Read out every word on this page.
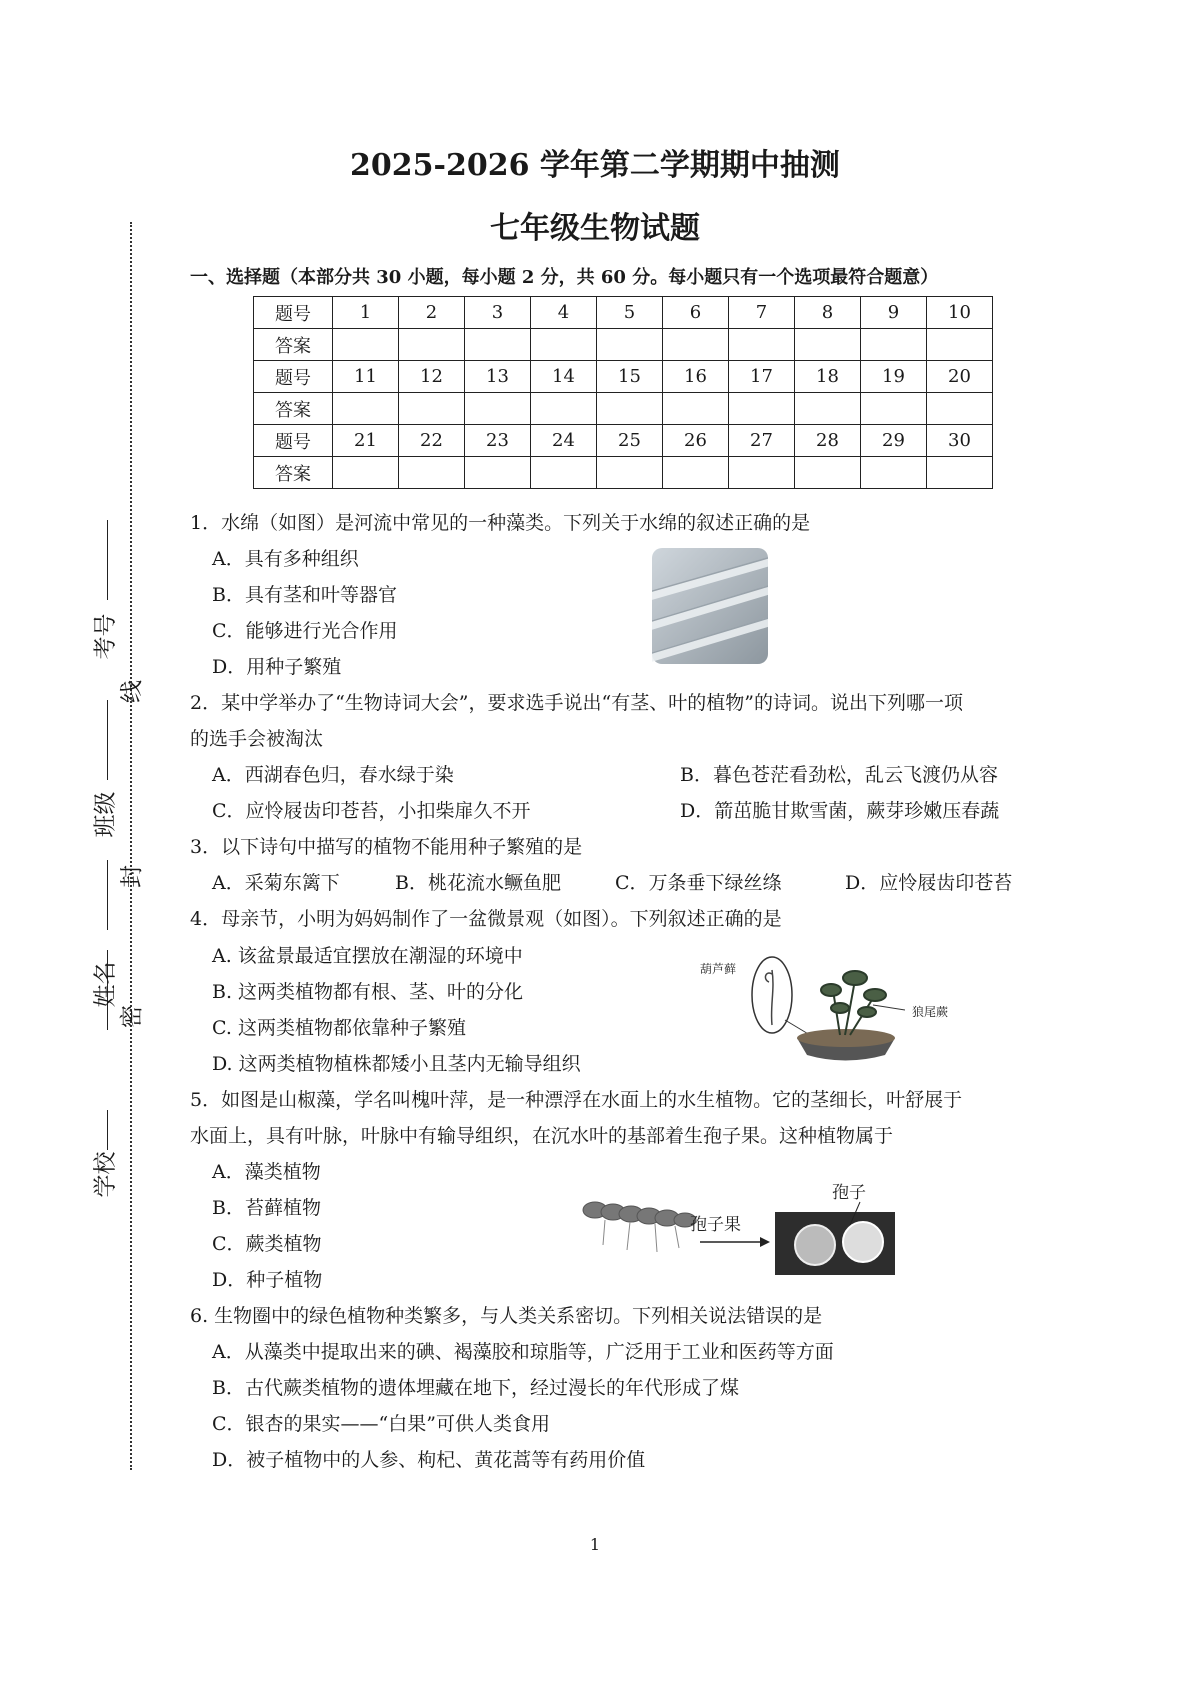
2025-2026 学年第二学期期中抽测
七年级生物试题
考号
班级
姓名
学校
线
封
密
一、选择题（本部分共 30 小题，每小题 2 分，共 60 分。每小题只有一个选项最符合题意）
题号	1	2	3	4	5	6	7	8	9	10
答案										
题号	11	12	13	14	15	16	17	18	19	20
答案										
题号	21	22	23	24	25	26	27	28	29	30
答案										
1．水绵（如图）是河流中常见的一种藻类。下列关于水绵的叙述正确的是
A．具有多种组织
B．具有茎和叶等器官
C．能够进行光合作用
D．用种子繁殖
2．某中学举办了“生物诗词大会”，要求选手说出“有茎、叶的植物”的诗词。说出下列哪一项
的选手会被淘汰
A．西湖春色归，春水绿于染	B．暮色苍茫看劲松，乱云飞渡仍从容
C．应怜屐齿印苍苔，小扣柴扉久不开	D．箭茁脆甘欺雪菌，蕨芽珍嫩压春蔬
3．以下诗句中描写的植物不能用种子繁殖的是
A．采菊东篱下	B．桃花流水鳜鱼肥	C．万条垂下绿丝绦	D．应怜屐齿印苍苔
4．母亲节，小明为妈妈制作了一盆微景观（如图）。下列叙述正确的是
A. 该盆景最适宜摆放在潮湿的环境中
B. 这两类植物都有根、茎、叶的分化
C. 这两类植物都依靠种子繁殖
D. 这两类植物植株都矮小且茎内无输导组织
葫芦藓
狼尾蕨
5．如图是山椒藻，学名叫槐叶萍，是一种漂浮在水面上的水生植物。它的茎细长，叶舒展于
水面上，具有叶脉，叶脉中有输导组织，在沉水叶的基部着生孢子果。这种植物属于
A．藻类植物
B．苔藓植物
C．蕨类植物
D．种子植物
孢子果
孢子
6. 生物圈中的绿色植物种类繁多，与人类关系密切。下列相关说法错误的是
A．从藻类中提取出来的碘、褐藻胶和琼脂等，广泛用于工业和医药等方面
B．古代蕨类植物的遗体埋藏在地下，经过漫长的年代形成了煤
C．银杏的果实——“白果”可供人类食用
D．被子植物中的人参、枸杞、黄花蒿等有药用价值
1
